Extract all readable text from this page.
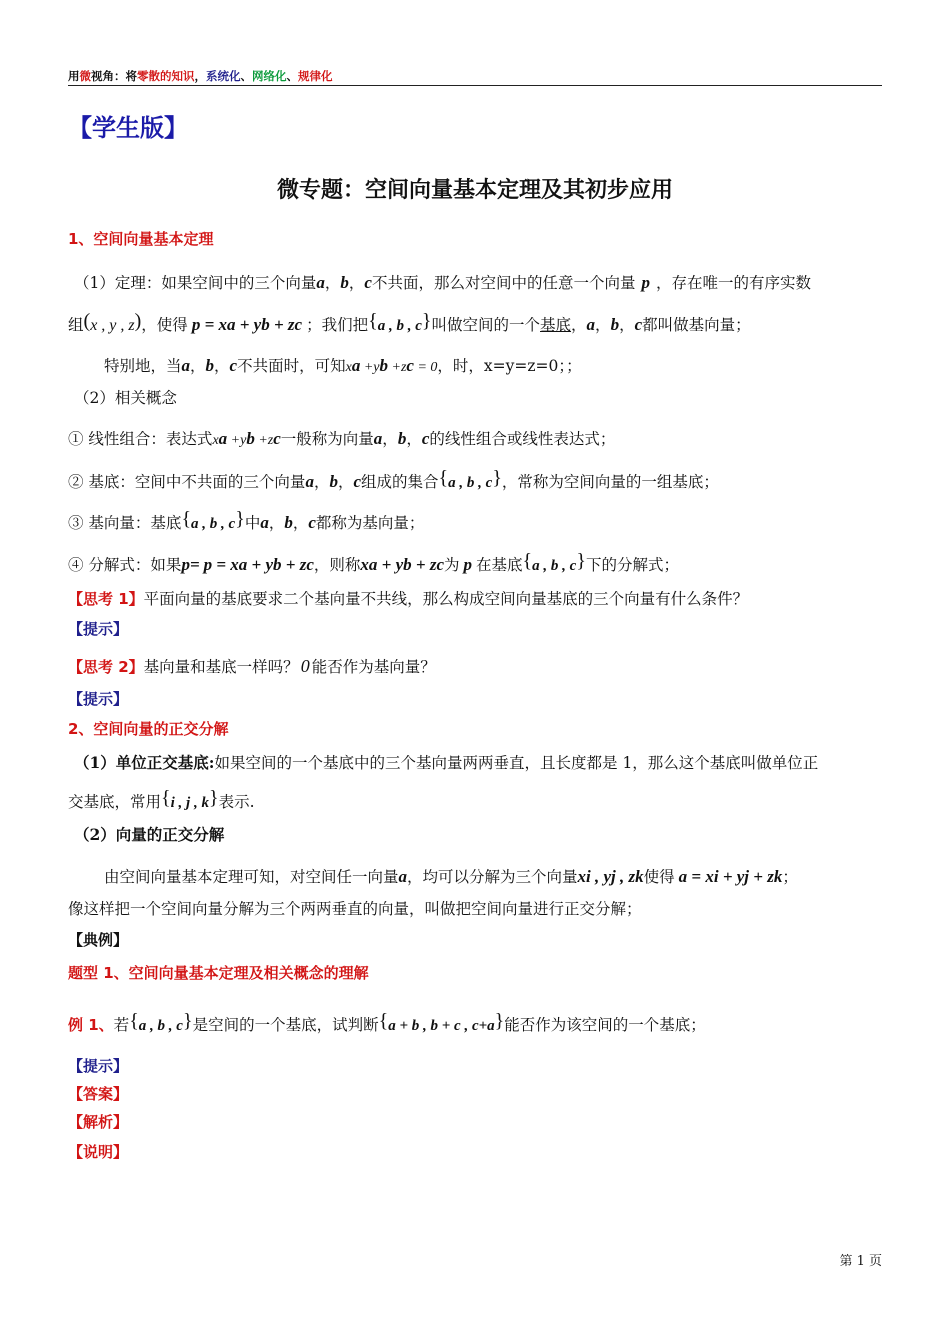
用微视角：将零散的知识，系统化、网络化、规律化
【学生版】
微专题：空间向量基本定理及其初步应用
1、空间向量基本定理
（1）定理：如果空间中的三个向量a，b，c不共面，那么对空间中的任意一个向量 p ，存在唯一的有序实数
组(x , y , z)，使得 p = xa + yb + zc ；我们把{a , b , c}叫做空间的一个基底，a，b，c都叫做基向量；
特别地，当a，b，c不共面时，可知xa +yb +zc = 0，时，x=y=z=0；；
（2）相关概念
① 线性组合：表达式xa +yb +zc一般称为向量a，b，c的线性组合或线性表达式；
② 基底：空间中不共面的三个向量a，b，c组成的集合{a , b , c}，常称为空间向量的一组基底；
③ 基向量：基底{a , b , c}中a，b，c都称为基向量；
④ 分解式：如果p= p = xa + yb + zc，则称xa + yb + zc为 p 在基底{a , b , c}下的分解式；
【思考 1】平面向量的基底要求二个基向量不共线，那么构成空间向量基底的三个向量有什么条件？
【提示】
【思考 2】基向量和基底一样吗？ 0 能否作为基向量？
【提示】
2、空间向量的正交分解
（1）单位正交基底:如果空间的一个基底中的三个基向量两两垂直，且长度都是 1，那么这个基底叫做单位正
交基底，常用{i , j , k}表示.
（2）向量的正交分解
由空间向量基本定理可知，对空间任一向量a，均可以分解为三个向量xi , yj , zk使得 a = xi + yj + zk；
像这样把一个空间向量分解为三个两两垂直的向量，叫做把空间向量进行正交分解；
【典例】
题型 1、空间向量基本定理及相关概念的理解
例 1、若{a , b , c}是空间的一个基底，试判断{a + b , b + c , c+a}能否作为该空间的一个基底；
【提示】
【答案】
【解析】
【说明】
第 1 页
